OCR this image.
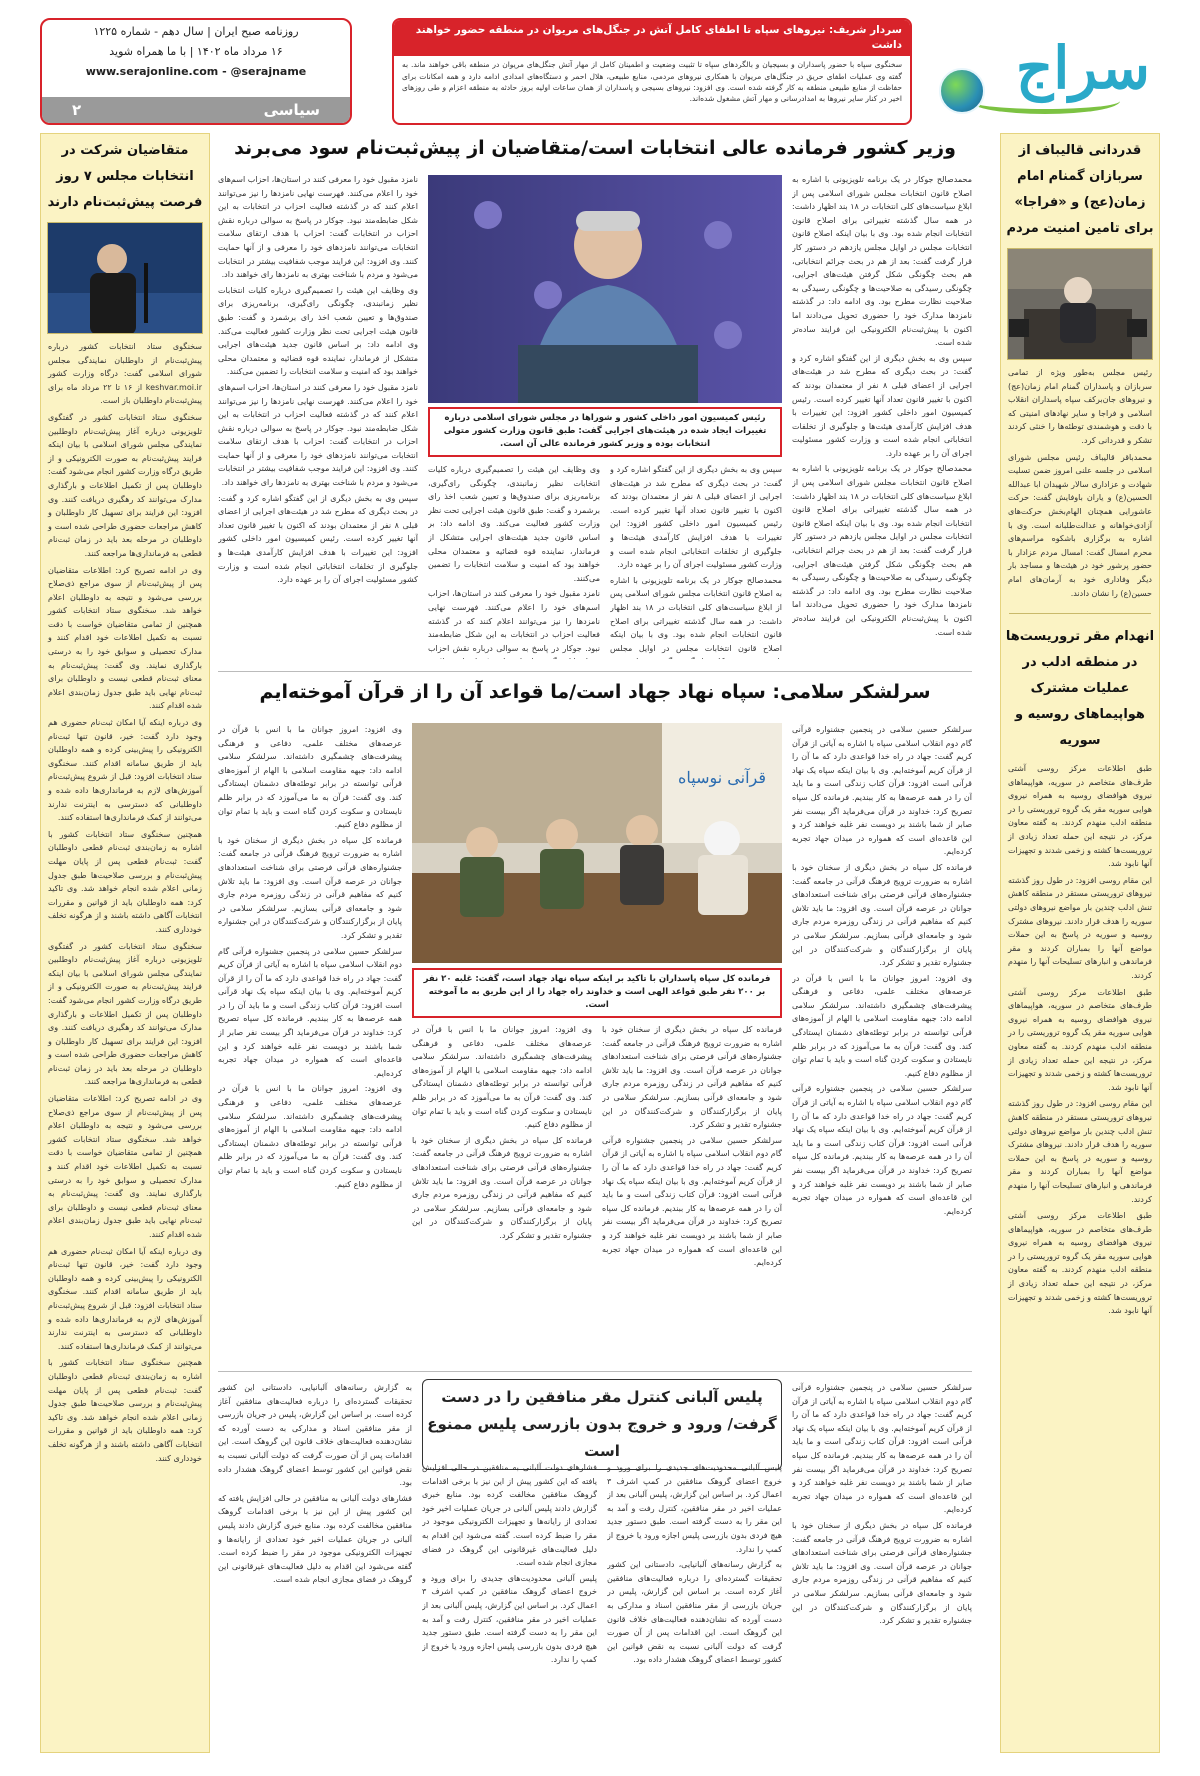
سراج
سردار شریف: نیروهای سپاه تا اطفای کامل آتش در جنگل‌های مریوان در منطقه حضور خواهند داشت
سخنگوی سپاه با حضور پاسداران و بسیجیان و بالگردهای سپاه تا تثبیت وضعیت و اطمینان کامل از مهار آتش جنگل‌های مریوان در منطقه باقی خواهند ماند. به گفته وی عملیات اطفای حریق در جنگل‌های مریوان با همکاری نیروهای مردمی، منابع طبیعی، هلال احمر و دستگاه‌های امدادی ادامه دارد و همه امکانات برای حفاظت از منابع طبیعی منطقه به کار گرفته شده است. وی افزود: نیروهای بسیجی و پاسداران از همان ساعات اولیه بروز حادثه به منطقه اعزام و طی روزهای اخیر در کنار سایر نیروها به امدادرسانی و مهار آتش مشغول شده‌اند.
روزنامه صبح ایران | سال دهم - شماره ۱۲۲۵
۱۶ مرداد ماه ۱۴۰۲ | با ما همراه شوید
www.serajonline.com - @serajname
سیاسی
۲
قدردانی قالیباف از سربازان گمنام امام زمان(عج) و «فراجا» برای تامین امنیت مردم

رئیس مجلس به‌طور ویژه از تمامی سربازان و پاسداران گمنام امام زمان(عج) و نیروهای جان‌برکف سپاه پاسداران انقلاب اسلامی و فراجا و سایر نهادهای امنیتی که با دقت و هوشمندی توطئه‌ها را خنثی کردند تشکر و قدردانی کرد.

محمدباقر قالیباف رئیس مجلس شورای اسلامی در جلسه علنی امروز ضمن تسلیت شهادت و عزاداری سالار شهیدان ابا عبدالله الحسین(ع) و یاران باوفایش گفت: حرکت عاشورایی همچنان الهام‌بخش حرکت‌های آزادی‌خواهانه و عدالت‌طلبانه است. وی با اشاره به برگزاری باشکوه مراسم‌های محرم امسال گفت: امسال مردم عزادار با حضور پرشور خود در هیئت‌ها و مساجد بار دیگر وفاداری خود به آرمان‌های امام حسین(ع) را نشان دادند.

انهدام مقر تروریست‌ها در منطقه ادلب در عملیات مشترک هواپیماهای روسیه و سوریه

طبق اطلاعات مرکز روسی آشتی طرف‌های متخاصم در سوریه، هواپیماهای نیروی هوافضای روسیه به همراه نیروی هوایی سوریه مقر یک گروه تروریستی را در منطقه ادلب منهدم کردند. به گفته معاون مرکز، در نتیجه این حمله تعداد زیادی از تروریست‌ها کشته و زخمی شدند و تجهیزات آنها نابود شد.

این مقام روسی افزود: در طول روز گذشته نیروهای تروریستی مستقر در منطقه کاهش تنش ادلب چندین بار مواضع نیروهای دولتی سوریه را هدف قرار دادند. نیروهای مشترک روسیه و سوریه در پاسخ به این حملات مواضع آنها را بمباران کردند و مقر فرماندهی و انبارهای تسلیحات آنها را منهدم کردند.

طبق اطلاعات مرکز روسی آشتی طرف‌های متخاصم در سوریه، هواپیماهای نیروی هوافضای روسیه به همراه نیروی هوایی سوریه مقر یک گروه تروریستی را در منطقه ادلب منهدم کردند. به گفته معاون مرکز، در نتیجه این حمله تعداد زیادی از تروریست‌ها کشته و زخمی شدند و تجهیزات آنها نابود شد.

این مقام روسی افزود: در طول روز گذشته نیروهای تروریستی مستقر در منطقه کاهش تنش ادلب چندین بار مواضع نیروهای دولتی سوریه را هدف قرار دادند. نیروهای مشترک روسیه و سوریه در پاسخ به این حملات مواضع آنها را بمباران کردند و مقر فرماندهی و انبارهای تسلیحات آنها را منهدم کردند.

طبق اطلاعات مرکز روسی آشتی طرف‌های متخاصم در سوریه، هواپیماهای نیروی هوافضای روسیه به همراه نیروی هوایی سوریه مقر یک گروه تروریستی را در منطقه ادلب منهدم کردند. به گفته معاون مرکز، در نتیجه این حمله تعداد زیادی از تروریست‌ها کشته و زخمی شدند و تجهیزات آنها نابود شد.

متقاضیان شرکت در انتخابات مجلس ۷ روز فرصت پیش‌ثبت‌نام دارند

سخنگوی ستاد انتخابات کشور درباره پیش‌ثبت‌نام از داوطلبان نمایندگی مجلس شورای اسلامی گفت: درگاه وزارت کشور keshvar.moi.ir از ۱۶ تا ۲۲ مرداد ماه برای پیش‌ثبت‌نام داوطلبان باز است.

سخنگوی ستاد انتخابات کشور در گفتگوی تلویزیونی درباره آغاز پیش‌ثبت‌نام داوطلبین نمایندگی مجلس شورای اسلامی با بیان اینکه فرایند پیش‌ثبت‌نام به صورت الکترونیکی و از طریق درگاه وزارت کشور انجام می‌شود گفت: داوطلبان پس از تکمیل اطلاعات و بارگذاری مدارک می‌توانند کد رهگیری دریافت کنند. وی افزود: این فرایند برای تسهیل کار داوطلبان و کاهش مراجعات حضوری طراحی شده است و داوطلبان در مرحله بعد باید در زمان ثبت‌نام قطعی به فرمانداری‌ها مراجعه کنند.

وی در ادامه تصریح کرد: اطلاعات متقاضیان پس از پیش‌ثبت‌نام از سوی مراجع ذی‌صلاح بررسی می‌شود و نتیجه به داوطلبان اعلام خواهد شد. سخنگوی ستاد انتخابات کشور همچنین از تمامی متقاضیان خواست با دقت نسبت به تکمیل اطلاعات خود اقدام کنند و مدارک تحصیلی و سوابق خود را به درستی بارگذاری نمایند. وی گفت: پیش‌ثبت‌نام به معنای ثبت‌نام قطعی نیست و داوطلبان برای ثبت‌نام نهایی باید طبق جدول زمان‌بندی اعلام شده اقدام کنند.

وی درباره اینکه آیا امکان ثبت‌نام حضوری هم وجود دارد گفت: خیر، قانون تنها ثبت‌نام الکترونیکی را پیش‌بینی کرده و همه داوطلبان باید از طریق سامانه اقدام کنند. سخنگوی ستاد انتخابات افزود: قبل از شروع پیش‌ثبت‌نام آموزش‌های لازم به فرمانداری‌ها داده شده و داوطلبانی که دسترسی به اینترنت ندارند می‌توانند از کمک فرمانداری‌ها استفاده کنند.

همچنین سخنگوی ستاد انتخابات کشور با اشاره به زمان‌بندی ثبت‌نام قطعی داوطلبان گفت: ثبت‌نام قطعی پس از پایان مهلت پیش‌ثبت‌نام و بررسی صلاحیت‌ها طبق جدول زمانی اعلام شده انجام خواهد شد. وی تاکید کرد: همه داوطلبان باید از قوانین و مقررات انتخابات آگاهی داشته باشند و از هرگونه تخلف خودداری کنند.

سخنگوی ستاد انتخابات کشور در گفتگوی تلویزیونی درباره آغاز پیش‌ثبت‌نام داوطلبین نمایندگی مجلس شورای اسلامی با بیان اینکه فرایند پیش‌ثبت‌نام به صورت الکترونیکی و از طریق درگاه وزارت کشور انجام می‌شود گفت: داوطلبان پس از تکمیل اطلاعات و بارگذاری مدارک می‌توانند کد رهگیری دریافت کنند. وی افزود: این فرایند برای تسهیل کار داوطلبان و کاهش مراجعات حضوری طراحی شده است و داوطلبان در مرحله بعد باید در زمان ثبت‌نام قطعی به فرمانداری‌ها مراجعه کنند.

وی در ادامه تصریح کرد: اطلاعات متقاضیان پس از پیش‌ثبت‌نام از سوی مراجع ذی‌صلاح بررسی می‌شود و نتیجه به داوطلبان اعلام خواهد شد. سخنگوی ستاد انتخابات کشور همچنین از تمامی متقاضیان خواست با دقت نسبت به تکمیل اطلاعات خود اقدام کنند و مدارک تحصیلی و سوابق خود را به درستی بارگذاری نمایند. وی گفت: پیش‌ثبت‌نام به معنای ثبت‌نام قطعی نیست و داوطلبان برای ثبت‌نام نهایی باید طبق جدول زمان‌بندی اعلام شده اقدام کنند.

وی درباره اینکه آیا امکان ثبت‌نام حضوری هم وجود دارد گفت: خیر، قانون تنها ثبت‌نام الکترونیکی را پیش‌بینی کرده و همه داوطلبان باید از طریق سامانه اقدام کنند. سخنگوی ستاد انتخابات افزود: قبل از شروع پیش‌ثبت‌نام آموزش‌های لازم به فرمانداری‌ها داده شده و داوطلبانی که دسترسی به اینترنت ندارند می‌توانند از کمک فرمانداری‌ها استفاده کنند.

همچنین سخنگوی ستاد انتخابات کشور با اشاره به زمان‌بندی ثبت‌نام قطعی داوطلبان گفت: ثبت‌نام قطعی پس از پایان مهلت پیش‌ثبت‌نام و بررسی صلاحیت‌ها طبق جدول زمانی اعلام شده انجام خواهد شد. وی تاکید کرد: همه داوطلبان باید از قوانین و مقررات انتخابات آگاهی داشته باشند و از هرگونه تخلف خودداری کنند.

وزیر کشور فرمانده عالی انتخابات است/متقاضیان از پیش‌ثبت‌نام سود می‌برند

محمدصالح جوکار در یک برنامه تلویزیونی با اشاره به اصلاح قانون انتخابات مجلس شورای اسلامی پس از ابلاغ سیاست‌های کلی انتخابات در ۱۸ بند اظهار داشت: در همه سال گذشته تغییراتی برای اصلاح قانون انتخابات انجام شده بود. وی با بیان اینکه اصلاح قانون انتخابات مجلس در اوایل مجلس یازدهم در دستور کار قرار گرفت گفت: بعد از هم در بحث جرائم انتخاباتی، هم بحث چگونگی شکل گرفتن هیئت‌های اجرایی، چگونگی رسیدگی به صلاحیت‌ها و چگونگی رسیدگی به صلاحیت نظارت مطرح بود. وی ادامه داد: در گذشته نامزدها مدارک خود را حضوری تحویل می‌دادند اما اکنون با پیش‌ثبت‌نام الکترونیکی این فرایند ساده‌تر شده است.

سپس وی به بخش دیگری از این گفتگو اشاره کرد و گفت: در بحث دیگری که مطرح شد در هیئت‌های اجرایی از اعضای قبلی ۸ نفر از معتمدان بودند که اکنون با تغییر قانون تعداد آنها تغییر کرده است. رئیس کمیسیون امور داخلی کشور افزود: این تغییرات با هدف افزایش کارآمدی هیئت‌ها و جلوگیری از تخلفات انتخاباتی انجام شده است و وزارت کشور مسئولیت اجرای آن را بر عهده دارد.

محمدصالح جوکار در یک برنامه تلویزیونی با اشاره به اصلاح قانون انتخابات مجلس شورای اسلامی پس از ابلاغ سیاست‌های کلی انتخابات در ۱۸ بند اظهار داشت: در همه سال گذشته تغییراتی برای اصلاح قانون انتخابات انجام شده بود. وی با بیان اینکه اصلاح قانون انتخابات مجلس در اوایل مجلس یازدهم در دستور کار قرار گرفت گفت: بعد از هم در بحث جرائم انتخاباتی، هم بحث چگونگی شکل گرفتن هیئت‌های اجرایی، چگونگی رسیدگی به صلاحیت‌ها و چگونگی رسیدگی به صلاحیت نظارت مطرح بود. وی ادامه داد: در گذشته نامزدها مدارک خود را حضوری تحویل می‌دادند اما اکنون با پیش‌ثبت‌نام الکترونیکی این فرایند ساده‌تر شده است.

رئیس کمیسیون امور داخلی کشور و شوراها در مجلس شورای اسلامی درباره تغییرات ایجاد شده در هیئت‌های اجرایی گفت: طبق قانون وزارت کشور متولی انتخابات بوده و وزیر کشور فرمانده عالی آن است.

نامزد مقبول خود را معرفی کنند در استان‌ها، احزاب اسم‌های خود را اعلام می‌کنند. فهرست نهایی نامزدها را نیز می‌توانند اعلام کنند که در گذشته فعالیت احزاب در انتخابات به این شکل ضابطه‌مند نبود. جوکار در پاسخ به سوالی درباره نقش احزاب در انتخابات گفت: احزاب با هدف ارتقای سلامت انتخابات می‌توانند نامزدهای خود را معرفی و از آنها حمایت کنند. وی افزود: این فرایند موجب شفافیت بیشتر در انتخابات می‌شود و مردم با شناخت بهتری به نامزدها رای خواهند داد.

وی وظایف این هیئت را تصمیم‌گیری درباره کلیات انتخابات نظیر زمانبندی، چگونگی رای‌گیری، برنامه‌ریزی برای صندوق‌ها و تعیین شعب اخذ رای برشمرد و گفت: طبق قانون هیئت اجرایی تحت نظر وزارت کشور فعالیت می‌کند. وی ادامه داد: بر اساس قانون جدید هیئت‌های اجرایی متشکل از فرماندار، نماینده قوه قضائیه و معتمدان محلی خواهند بود که امنیت و سلامت انتخابات را تضمین می‌کنند.

نامزد مقبول خود را معرفی کنند در استان‌ها، احزاب اسم‌های خود را اعلام می‌کنند. فهرست نهایی نامزدها را نیز می‌توانند اعلام کنند که در گذشته فعالیت احزاب در انتخابات به این شکل ضابطه‌مند نبود. جوکار در پاسخ به سوالی درباره نقش احزاب در انتخابات گفت: احزاب با هدف ارتقای سلامت انتخابات می‌توانند نامزدهای خود را معرفی و از آنها حمایت کنند. وی افزود: این فرایند موجب شفافیت بیشتر در انتخابات می‌شود و مردم با شناخت بهتری به نامزدها رای خواهند داد.

سپس وی به بخش دیگری از این گفتگو اشاره کرد و گفت: در بحث دیگری که مطرح شد در هیئت‌های اجرایی از اعضای قبلی ۸ نفر از معتمدان بودند که اکنون با تغییر قانون تعداد آنها تغییر کرده است. رئیس کمیسیون امور داخلی کشور افزود: این تغییرات با هدف افزایش کارآمدی هیئت‌ها و جلوگیری از تخلفات انتخاباتی انجام شده است و وزارت کشور مسئولیت اجرای آن را بر عهده دارد.

سپس وی به بخش دیگری از این گفتگو اشاره کرد و گفت: در بحث دیگری که مطرح شد در هیئت‌های اجرایی از اعضای قبلی ۸ نفر از معتمدان بودند که اکنون با تغییر قانون تعداد آنها تغییر کرده است. رئیس کمیسیون امور داخلی کشور افزود: این تغییرات با هدف افزایش کارآمدی هیئت‌ها و جلوگیری از تخلفات انتخاباتی انجام شده است و وزارت کشور مسئولیت اجرای آن را بر عهده دارد.

محمدصالح جوکار در یک برنامه تلویزیونی با اشاره به اصلاح قانون انتخابات مجلس شورای اسلامی پس از ابلاغ سیاست‌های کلی انتخابات در ۱۸ بند اظهار داشت: در همه سال گذشته تغییراتی برای اصلاح قانون انتخابات انجام شده بود. وی با بیان اینکه اصلاح قانون انتخابات مجلس در اوایل مجلس

وی وظایف این هیئت را تصمیم‌گیری درباره کلیات انتخابات نظیر زمانبندی، چگونگی رای‌گیری، برنامه‌ریزی برای صندوق‌ها و تعیین شعب اخذ رای برشمرد و گفت: طبق قانون هیئت اجرایی تحت نظر وزارت کشور فعالیت می‌کند. وی ادامه داد: بر اساس قانون جدید هیئت‌های اجرایی متشکل از فرماندار، نماینده قوه قضائیه و معتمدان محلی خواهند بود که امنیت و سلامت انتخابات را تضمین می‌کنند.

نامزد مقبول خود را معرفی کنند در استان‌ها، احزاب اسم‌های خود را اعلام می‌کنند. فهرست نهایی نامزدها را نیز می‌توانند اعلام کنند که در گذشته فعالیت احزاب در انتخابات به این شکل ضابطه‌مند نبود. جوکار در پاسخ به سوالی درباره نقش احزاب

سرلشکر سلامی: سپاه نهاد جهاد است/ما قواعد آن را از قرآن آموخته‌ایم

سرلشکر حسین سلامی در پنجمین جشنواره قرآنی گام دوم انقلاب اسلامی سپاه با اشاره به آیاتی از قرآن کریم گفت: جهاد در راه خدا قواعدی دارد که ما آن را از قرآن کریم آموخته‌ایم. وی با بیان اینکه سپاه یک نهاد قرآنی است افزود: قرآن کتاب زندگی است و ما باید آن را در همه عرصه‌ها به کار ببندیم. فرمانده کل سپاه تصریح کرد: خداوند در قرآن می‌فرماید اگر بیست نفر صابر از شما باشند بر دویست نفر غلبه خواهند کرد و این قاعده‌ای است که همواره در میدان جهاد تجربه کرده‌ایم.

فرمانده کل سپاه در بخش دیگری از سخنان خود با اشاره به ضرورت ترویج فرهنگ قرآنی در جامعه گفت: جشنواره‌های قرآنی فرصتی برای شناخت استعدادهای جوانان در عرصه قرآن است. وی افزود: ما باید تلاش کنیم که مفاهیم قرآنی در زندگی روزمره مردم جاری شود و جامعه‌ای قرآنی بسازیم. سرلشکر سلامی در پایان از برگزارکنندگان و شرکت‌کنندگان در این جشنواره تقدیر و تشکر کرد.

وی افزود: امروز جوانان ما با انس با قرآن در عرصه‌های مختلف علمی، دفاعی و فرهنگی پیشرفت‌های چشمگیری داشته‌اند. سرلشکر سلامی ادامه داد: جبهه مقاومت اسلامی با الهام از آموزه‌های قرآنی توانسته در برابر توطئه‌های دشمنان ایستادگی کند. وی گفت: قرآن به ما می‌آموزد که در برابر ظلم نایستادن و سکوت کردن گناه است و باید با تمام توان از مظلوم دفاع کنیم.

سرلشکر حسین سلامی در پنجمین جشنواره قرآنی گام دوم انقلاب اسلامی سپاه با اشاره به آیاتی از قرآن کریم گفت: جهاد در راه خدا قواعدی دارد که ما آن را از قرآن کریم آموخته‌ایم. وی با بیان اینکه سپاه یک نهاد قرآنی است افزود: قرآن کتاب زندگی است و ما باید آن را در همه عرصه‌ها به کار ببندیم. فرمانده کل سپاه تصریح کرد: خداوند در قرآن می‌فرماید اگر بیست نفر صابر از شما باشند بر دویست نفر غلبه خواهند کرد و این قاعده‌ای است که همواره در میدان جهاد تجربه کرده‌ایم.

قرآنی نوسپاه
فرمانده کل سپاه پاسداران با تاکید بر اینکه سپاه نهاد جهاد است، گفت: غلبه ۲۰ نفر بر ۲۰۰ نفر طبق قواعد الهی است و خداوند راه جهاد را از این طریق به ما آموخته است.

وی افزود: امروز جوانان ما با انس با قرآن در عرصه‌های مختلف علمی، دفاعی و فرهنگی پیشرفت‌های چشمگیری داشته‌اند. سرلشکر سلامی ادامه داد: جبهه مقاومت اسلامی با الهام از آموزه‌های قرآنی توانسته در برابر توطئه‌های دشمنان ایستادگی کند. وی گفت: قرآن به ما می‌آموزد که در برابر ظلم نایستادن و سکوت کردن گناه است و باید با تمام توان از مظلوم دفاع کنیم.

فرمانده کل سپاه در بخش دیگری از سخنان خود با اشاره به ضرورت ترویج فرهنگ قرآنی در جامعه گفت: جشنواره‌های قرآنی فرصتی برای شناخت استعدادهای جوانان در عرصه قرآن است. وی افزود: ما باید تلاش کنیم که مفاهیم قرآنی در زندگی روزمره مردم جاری شود و جامعه‌ای قرآنی بسازیم. سرلشکر سلامی در پایان از برگزارکنندگان و شرکت‌کنندگان در این جشنواره تقدیر و تشکر کرد.

سرلشکر حسین سلامی در پنجمین جشنواره قرآنی گام دوم انقلاب اسلامی سپاه با اشاره به آیاتی از قرآن کریم گفت: جهاد در راه خدا قواعدی دارد که ما آن را از قرآن کریم آموخته‌ایم. وی با بیان اینکه سپاه یک نهاد قرآنی است افزود: قرآن کتاب زندگی است و ما باید آن را در همه عرصه‌ها به کار ببندیم. فرمانده کل سپاه تصریح کرد: خداوند در قرآن می‌فرماید اگر بیست نفر صابر از شما باشند بر دویست نفر غلبه خواهند کرد و این قاعده‌ای است که همواره در میدان جهاد تجربه کرده‌ایم.

وی افزود: امروز جوانان ما با انس با قرآن در عرصه‌های مختلف علمی، دفاعی و فرهنگی پیشرفت‌های چشمگیری داشته‌اند. سرلشکر سلامی ادامه داد: جبهه مقاومت اسلامی با الهام از آموزه‌های قرآنی توانسته در برابر توطئه‌های دشمنان ایستادگی کند. وی گفت: قرآن به ما می‌آموزد که در برابر ظلم نایستادن و سکوت کردن گناه است و باید با تمام توان از مظلوم دفاع کنیم.

فرمانده کل سپاه در بخش دیگری از سخنان خود با اشاره به ضرورت ترویج فرهنگ قرآنی در جامعه گفت: جشنواره‌های قرآنی فرصتی برای شناخت استعدادهای جوانان در عرصه قرآن است. وی افزود: ما باید تلاش کنیم که مفاهیم قرآنی در زندگی روزمره مردم جاری شود و جامعه‌ای قرآنی بسازیم. سرلشکر سلامی در پایان از برگزارکنندگان و شرکت‌کنندگان در این جشنواره تقدیر و تشکر کرد.

سرلشکر حسین سلامی در پنجمین جشنواره قرآنی گام دوم انقلاب اسلامی سپاه با اشاره به آیاتی از قرآن کریم گفت: جهاد در راه خدا قواعدی دارد که ما آن را از قرآن کریم آموخته‌ایم. وی با بیان اینکه سپاه یک نهاد قرآنی است افزود: قرآن کتاب زندگی است و ما باید آن را در همه عرصه‌ها به کار ببندیم. فرمانده کل سپاه تصریح کرد: خداوند در قرآن می‌فرماید اگر بیست نفر صابر از شما باشند بر دویست نفر غلبه خواهند کرد و این قاعده‌ای است که همواره در میدان جهاد تجربه کرده‌ایم.

وی افزود: امروز جوانان ما با انس با قرآن در عرصه‌های مختلف علمی، دفاعی و فرهنگی پیشرفت‌های چشمگیری داشته‌اند. سرلشکر سلامی ادامه داد: جبهه مقاومت اسلامی با الهام از آموزه‌های قرآنی توانسته در برابر توطئه‌های دشمنان ایستادگی کند. وی گفت: قرآن به ما می‌آموزد که در برابر ظلم نایستادن و سکوت کردن گناه است و باید با تمام توان از مظلوم دفاع کنیم.

فرمانده کل سپاه در بخش دیگری از سخنان خود با اشاره به ضرورت ترویج فرهنگ قرآنی در جامعه گفت: جشنواره‌های قرآنی فرصتی برای شناخت استعدادهای جوانان در عرصه قرآن است. وی افزود: ما باید تلاش کنیم که مفاهیم قرآنی در زندگی روزمره مردم جاری شود و جامعه‌ای قرآنی بسازیم. سرلشکر سلامی در پایان از برگزارکنندگان و شرکت‌کنندگان در این جشنواره تقدیر و تشکر کرد.

سرلشکر حسین سلامی در پنجمین جشنواره قرآنی گام دوم انقلاب اسلامی سپاه با اشاره به آیاتی از قرآن کریم گفت: جهاد در راه خدا قواعدی دارد که ما آن را از قرآن کریم آموخته‌ایم. وی با بیان اینکه سپاه یک نهاد قرآنی است افزود: قرآن کتاب زندگی است و ما باید آن را در همه عرصه‌ها به کار ببندیم. فرمانده کل سپاه تصریح کرد: خداوند در قرآن می‌فرماید اگر بیست نفر صابر از شما باشند بر دویست نفر غلبه خواهند کرد و این قاعده‌ای است که همواره در میدان جهاد تجربه کرده‌ایم.

فرمانده کل سپاه در بخش دیگری از سخنان خود با اشاره به ضرورت ترویج فرهنگ قرآنی در جامعه گفت: جشنواره‌های قرآنی فرصتی برای شناخت استعدادهای جوانان در عرصه قرآن است. وی افزود: ما باید تلاش کنیم که مفاهیم قرآنی در زندگی روزمره مردم جاری شود و جامعه‌ای قرآنی بسازیم. سرلشکر سلامی در پایان از برگزارکنندگان و شرکت‌کنندگان در این جشنواره تقدیر و تشکر کرد.

پلیس آلبانی کنترل مقر منافقین را در دست گرفت/ ورود و خروج بدون بازرسی پلیس ممنوع است

پلیس آلبانی محدودیت‌های جدیدی را برای ورود و خروج اعضای گروهک منافقین در کمپ اشرف ۳ اعمال کرد. بر اساس این گزارش، پلیس آلبانی بعد از عملیات اخیر در مقر منافقین، کنترل رفت و آمد به این مقر را به دست گرفته است. طبق دستور جدید هیچ فردی بدون بازرسی پلیس اجازه ورود یا خروج از کمپ را ندارد.

به گزارش رسانه‌های آلبانیایی، دادستانی این کشور تحقیقات گسترده‌ای را درباره فعالیت‌های منافقین آغاز کرده است. بر اساس این گزارش، پلیس در جریان بازرسی از مقر منافقین اسناد و مدارکی به دست آورده که نشان‌دهنده فعالیت‌های خلاف قانون این گروهک است. این اقدامات پس از آن صورت گرفت که دولت آلبانی نسبت به نقض قوانین این کشور توسط اعضای گروهک هشدار داده بود.

فشارهای دولت آلبانی به منافقین در حالی افزایش یافته که این کشور پیش از این نیز با برخی اقدامات گروهک منافقین مخالفت کرده بود. منابع خبری گزارش دادند پلیس آلبانی در جریان عملیات اخیر خود تعدادی از رایانه‌ها و تجهیزات الکترونیکی موجود در مقر را ضبط کرده است. گفته می‌شود این اقدام به دلیل فعالیت‌های غیرقانونی این گروهک در فضای مجازی انجام شده است.

پلیس آلبانی محدودیت‌های جدیدی را برای ورود و خروج اعضای گروهک منافقین در کمپ اشرف ۳ اعمال کرد. بر اساس این گزارش، پلیس آلبانی بعد از عملیات اخیر در مقر منافقین، کنترل رفت و آمد به این مقر را به دست گرفته است. طبق دستور جدید هیچ فردی بدون بازرسی پلیس اجازه ورود یا خروج از کمپ را ندارد.

به گزارش رسانه‌های آلبانیایی، دادستانی این کشور تحقیقات گسترده‌ای را درباره فعالیت‌های منافقین آغاز کرده است. بر اساس این گزارش، پلیس در جریان بازرسی از مقر منافقین اسناد و مدارکی به دست آورده که نشان‌دهنده فعالیت‌های خلاف قانون این گروهک است. این اقدامات پس از آن صورت گرفت که دولت آلبانی نسبت به نقض قوانین این کشور توسط اعضای گروهک هشدار داده بود.

فشارهای دولت آلبانی به منافقین در حالی افزایش یافته که این کشور پیش از این نیز با برخی اقدامات گروهک منافقین مخالفت کرده بود. منابع خبری گزارش دادند پلیس آلبانی در جریان عملیات اخیر خود تعدادی از رایانه‌ها و تجهیزات الکترونیکی موجود در مقر را ضبط کرده است. گفته می‌شود این اقدام به دلیل فعالیت‌های غیرقانونی این گروهک در فضای مجازی انجام شده است.
